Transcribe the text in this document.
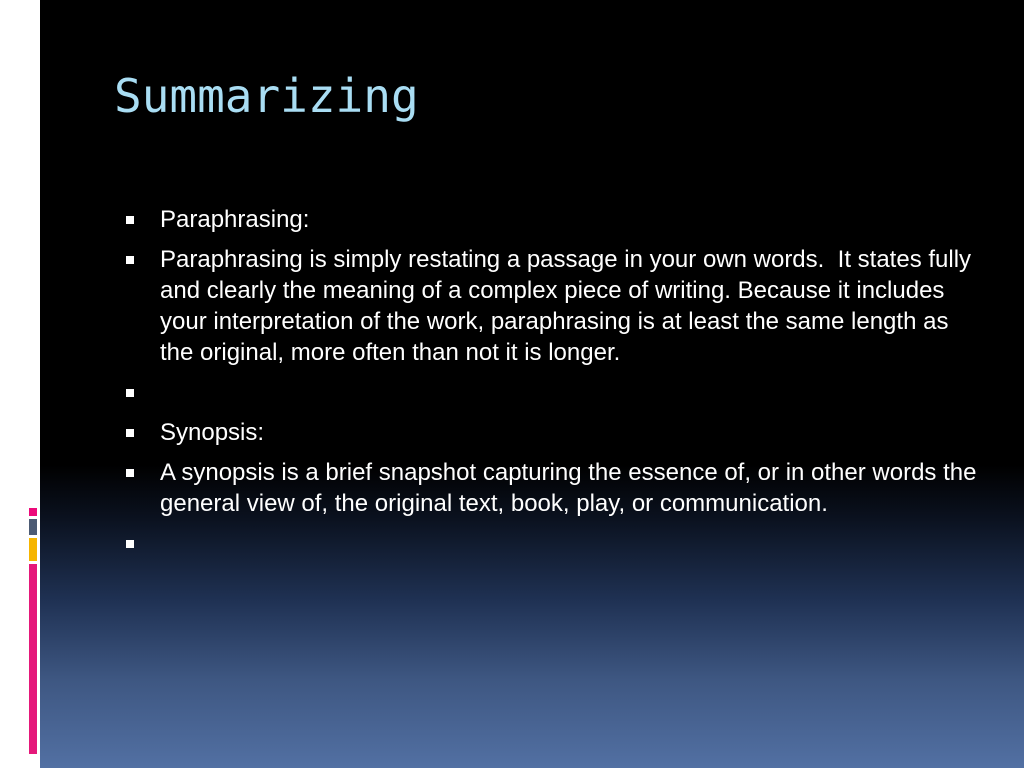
Summarizing
Paraphrasing:
Paraphrasing is simply restating a passage in your own words.  It states fully and clearly the meaning of a complex piece of writing. Because it includes your interpretation of the work, paraphrasing is at least the same length as the original, more often than not it is longer.
Synopsis:
A synopsis is a brief snapshot capturing the essence of, or in other words the general view of, the original text, book, play, or communication.
